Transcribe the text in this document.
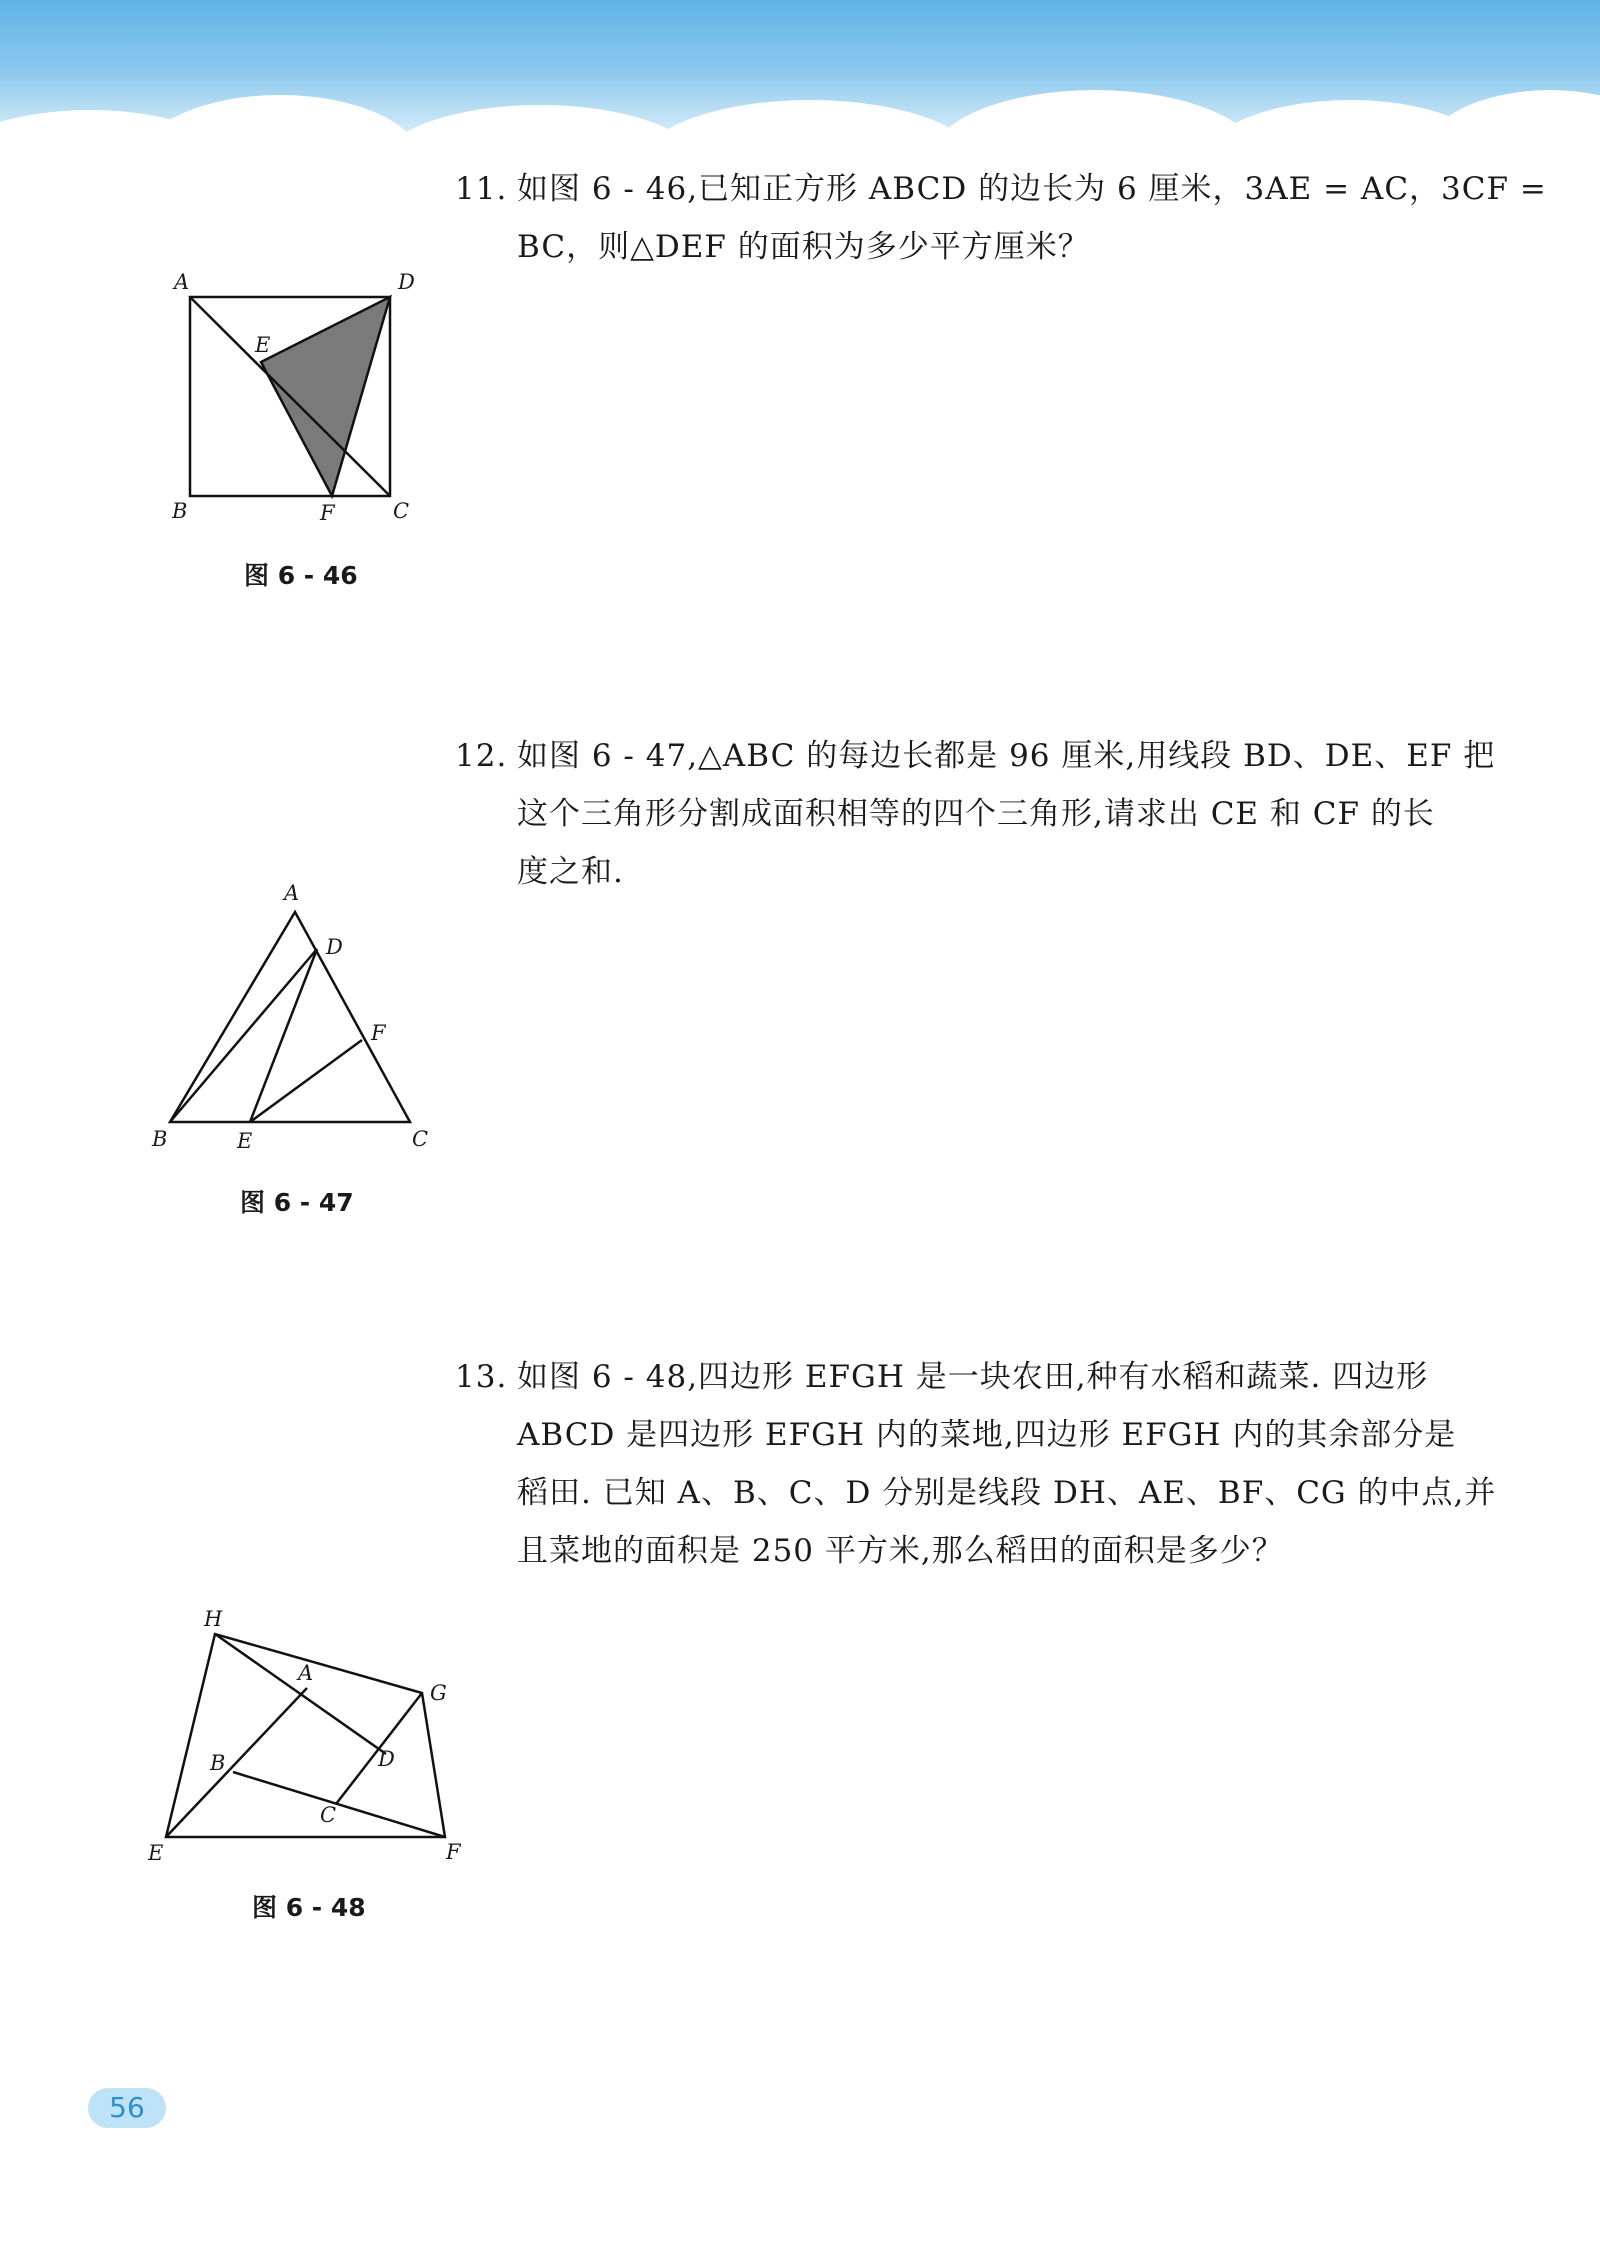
11. 如图 6 - 46,已知正方形 ABCD 的边长为 6 厘米，3AE = AC，3CF =
BC，则△DEF 的面积为多少平方厘米？
A	D
E
B	F	C
图 6 - 46
12. 如图 6 - 47,△ABC 的每边长都是 96 厘米,用线段 BD、DE、EF 把
这个三角形分割成面积相等的四个三角形,请求出 CE 和 CF 的长
度之和.
A
D
F
B	E	C
图 6 - 47
13. 如图 6 - 48,四边形 EFGH 是一块农田,种有水稻和蔬菜. 四边形
ABCD 是四边形 EFGH 内的菜地,四边形 EFGH 内的其余部分是
稻田. 已知 A、B、C、D 分别是线段 DH、AE、BF、CG 的中点,并
且菜地的面积是 250 平方米,那么稻田的面积是多少？
H
A
G
B	D
C
E	F
图 6 - 48
56
